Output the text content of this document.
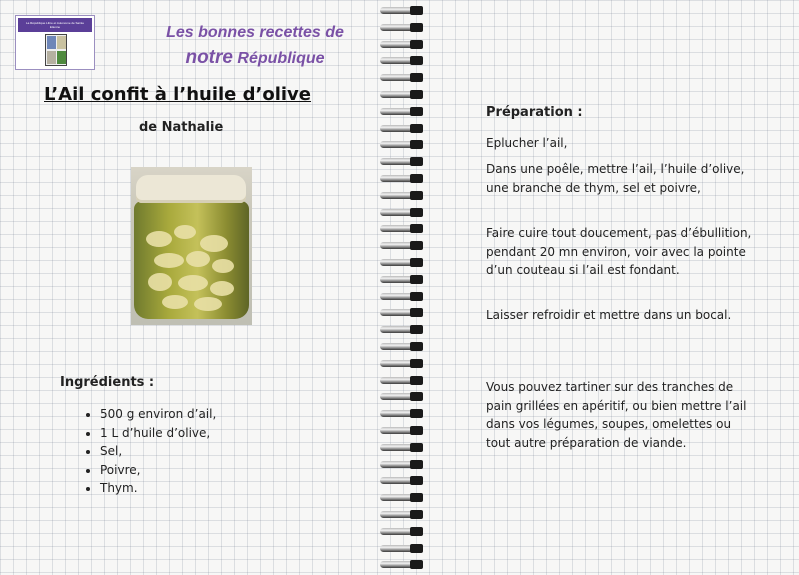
La République Libre et Autonome de Sainte Etienne	Les bonnes recettes de
notre République
L’Ail confit à l’huile d’olive
de Nathalie
Ingrédients :
• 500 g environ d’ail,
• 1 L d’huile d’olive,
• Sel,
• Poivre,
• Thym.
Préparation :

Eplucher l’ail,

Dans une poêle, mettre l’ail, l’huile d’olive, une branche de thym, sel et poivre,

Faire cuire tout doucement, pas d’ébullition, pendant 20 mn environ, voir avec la pointe d’un couteau si l’ail est fondant.

Laisser refroidir et mettre dans un bocal.

Vous pouvez tartiner sur des tranches de pain grillées en apéritif, ou bien mettre l’ail dans vos légumes, soupes, omelettes ou tout autre préparation de viande.
